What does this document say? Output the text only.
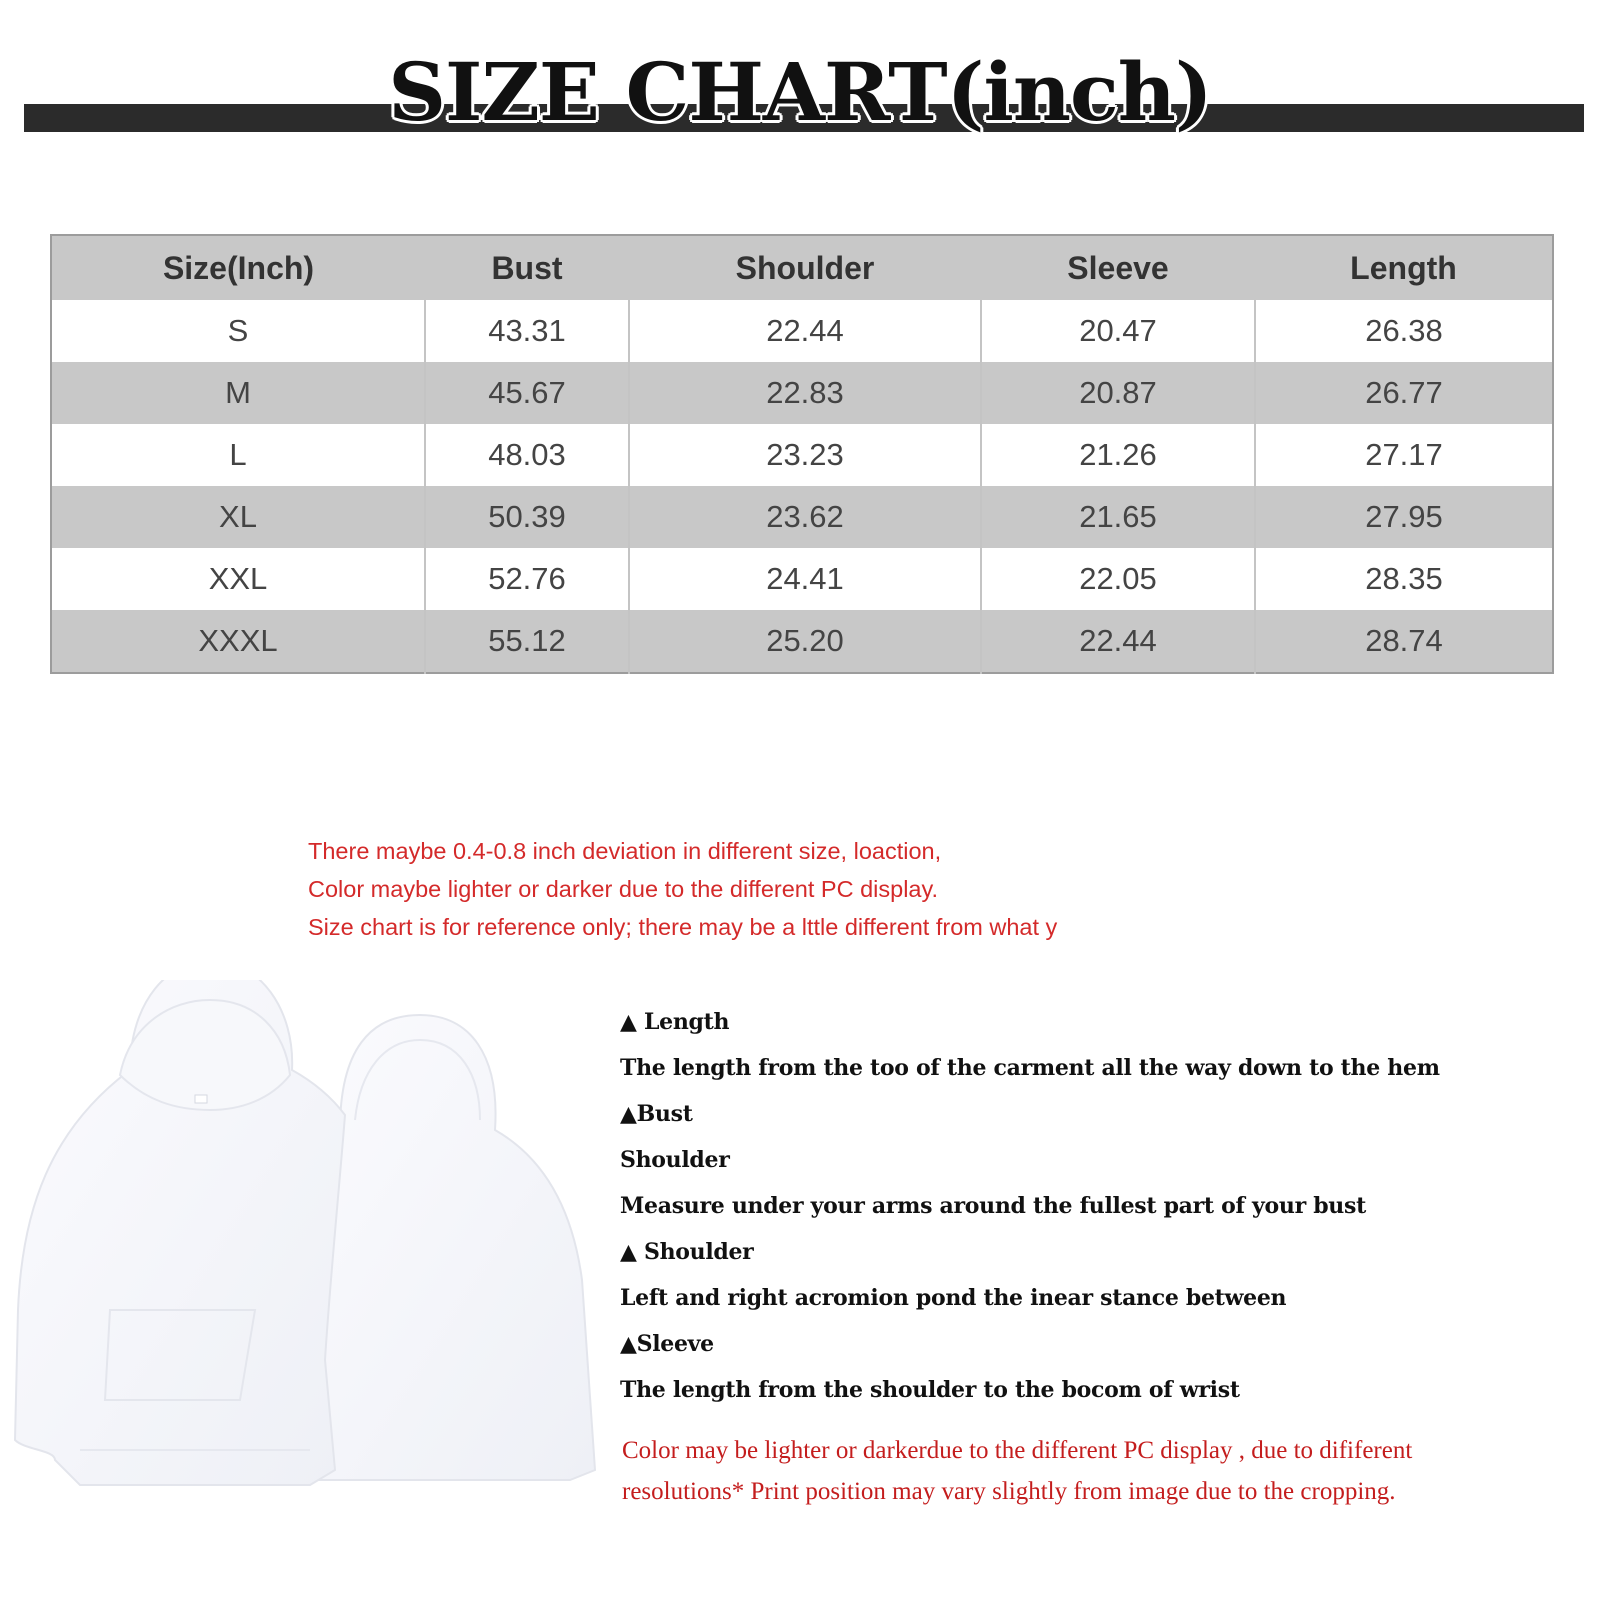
SIZE CHART(inch)
Size(Inch)	Bust	Shoulder	Sleeve	Length
S	43.31	22.44	20.47	26.38
M	45.67	22.83	20.87	26.77
L	48.03	23.23	21.26	27.17
XL	50.39	23.62	21.65	27.95
XXL	52.76	24.41	22.05	28.35
XXXL	55.12	25.20	22.44	28.74
There maybe 0.4-0.8 inch deviation in different size, loaction,
Color maybe lighter or darker due to the different PC display.
Size chart is for reference only; there may be a lttle different from what y
▲ Length
The length from the too of the carment all the way down to the hem
▲Bust
Shoulder
Measure under your arms around the fullest part of your bust
▲ Shoulder
Left and right acromion pond the inear stance between
▲Sleeve
The length from the shoulder to the bocom of wrist
Color may be lighter or darkerdue to the different PC display , due to dififerent
resolutions* Print position may vary slightly from image due to the cropping.
